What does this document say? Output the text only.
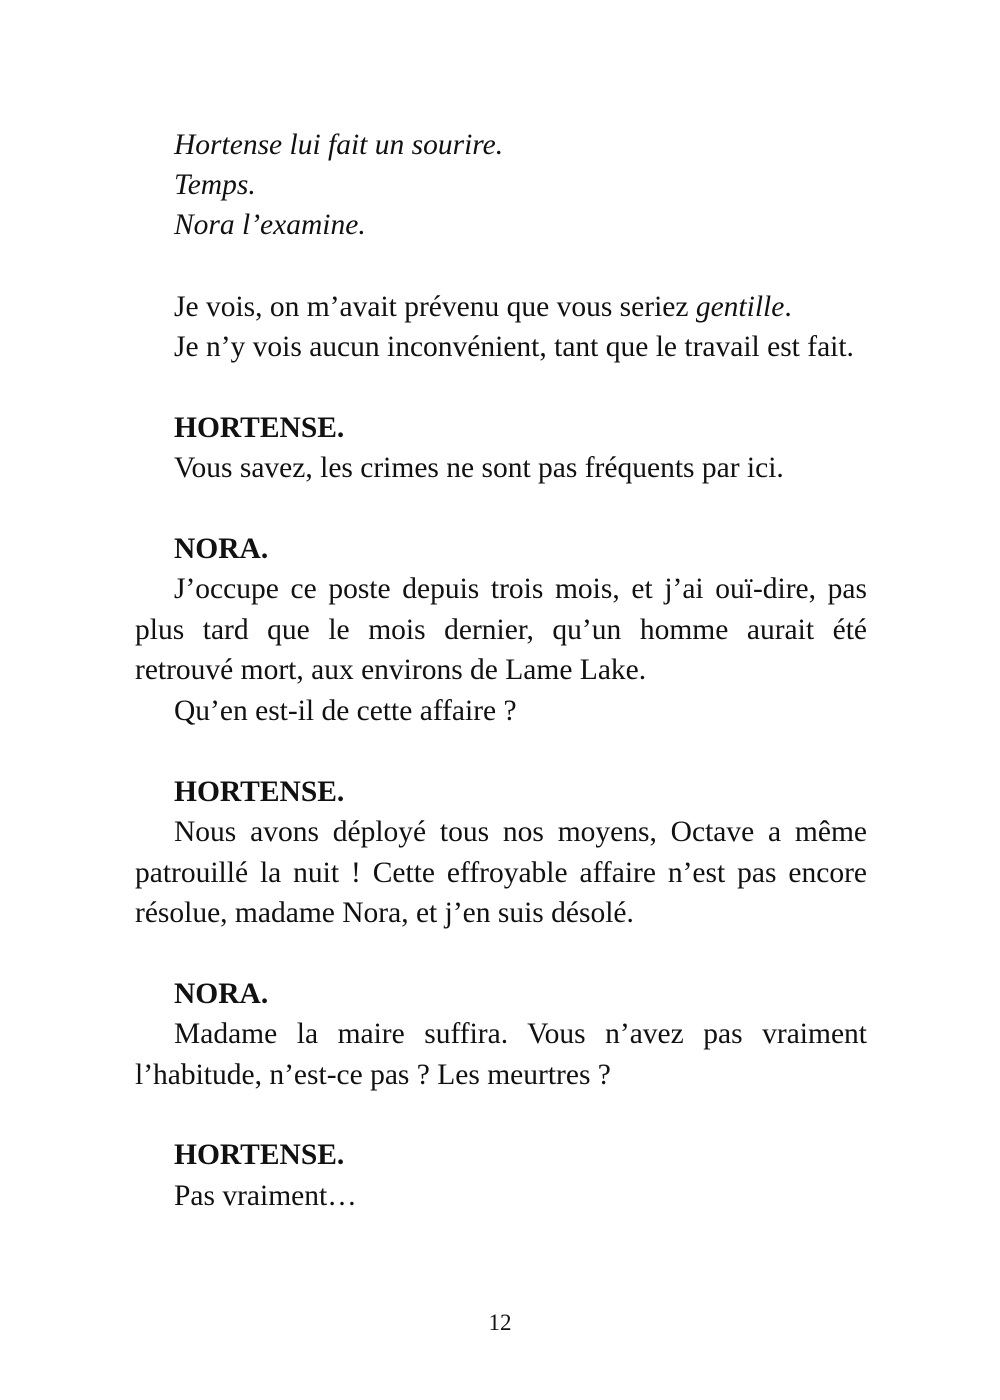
Hortense lui fait un sourire.

Temps.

Nora l’examine.

Je vois, on m’avait prévenu que vous seriez gentille.

Je n’y vois aucun inconvénient, tant que le travail est fait.

HORTENSE.

Vous savez, les crimes ne sont pas fréquents par ici.

NORA.

J’occupe ce poste depuis trois mois, et j’ai ouï-dire, pas

plus tard que le mois dernier, qu’un homme aurait été

retrouvé mort, aux environs de Lame Lake.

Qu’en est-il de cette affaire ?

HORTENSE.

Nous avons déployé tous nos moyens, Octave a même

patrouillé la nuit ! Cette effroyable affaire n’est pas encore

résolue, madame Nora, et j’en suis désolé.

NORA.

Madame la maire suffira. Vous n’avez pas vraiment

l’habitude, n’est-ce pas ? Les meurtres ?

HORTENSE.

Pas vraiment…

12
